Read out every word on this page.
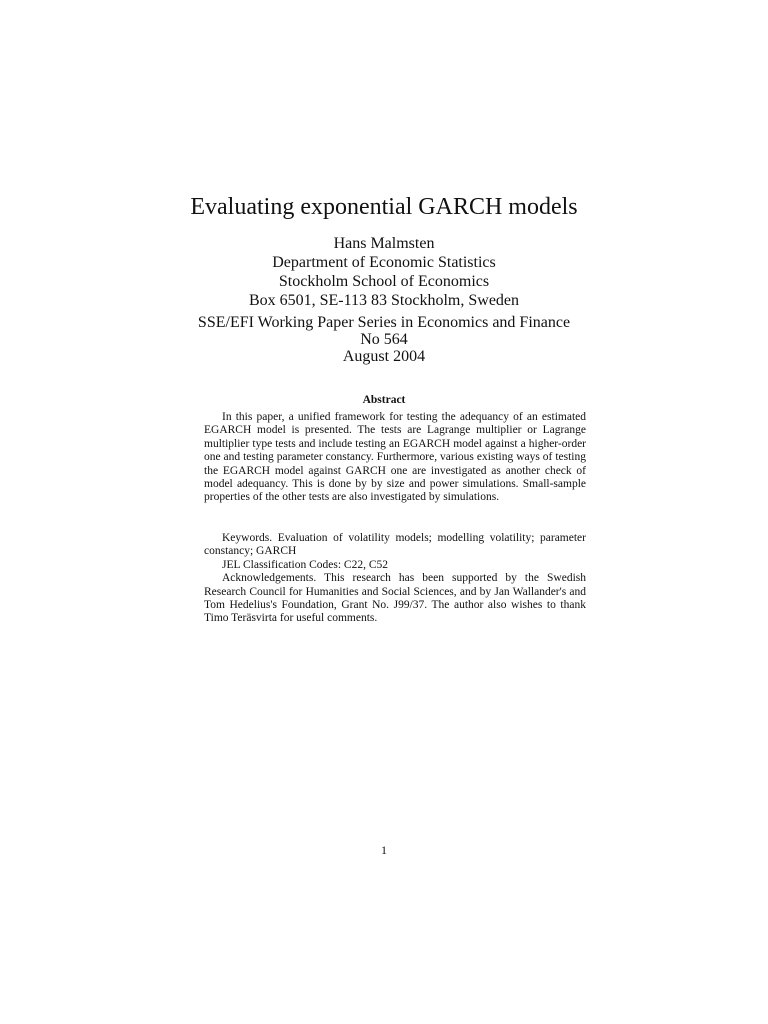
Evaluating exponential GARCH models
Hans Malmsten
Department of Economic Statistics
Stockholm School of Economics
Box 6501, SE-113 83 Stockholm, Sweden
SSE/EFI Working Paper Series in Economics and Finance
No 564
August 2004
Abstract

In this paper, a unified framework for testing the adequancy of an estimated EGARCH model is presented. The tests are Lagrange multiplier or Lagrange multiplier type tests and include testing an EGARCH model against a higher-order one and testing parameter constancy. Furthermore, various existing ways of testing the EGARCH model against GARCH one are investigated as another check of model adequancy. This is done by by size and power simulations. Small-sample properties of the other tests are also investigated by simulations.

Keywords. Evaluation of volatility models; modelling volatility; parameter constancy; GARCH

JEL Classification Codes: C22, C52

Acknowledgements. This research has been supported by the Swedish Research Council for Humanities and Social Sciences, and by Jan Wallander's and Tom Hedelius's Foundation, Grant No. J99/37. The author also wishes to thank Timo Teräsvirta for useful comments.

1
